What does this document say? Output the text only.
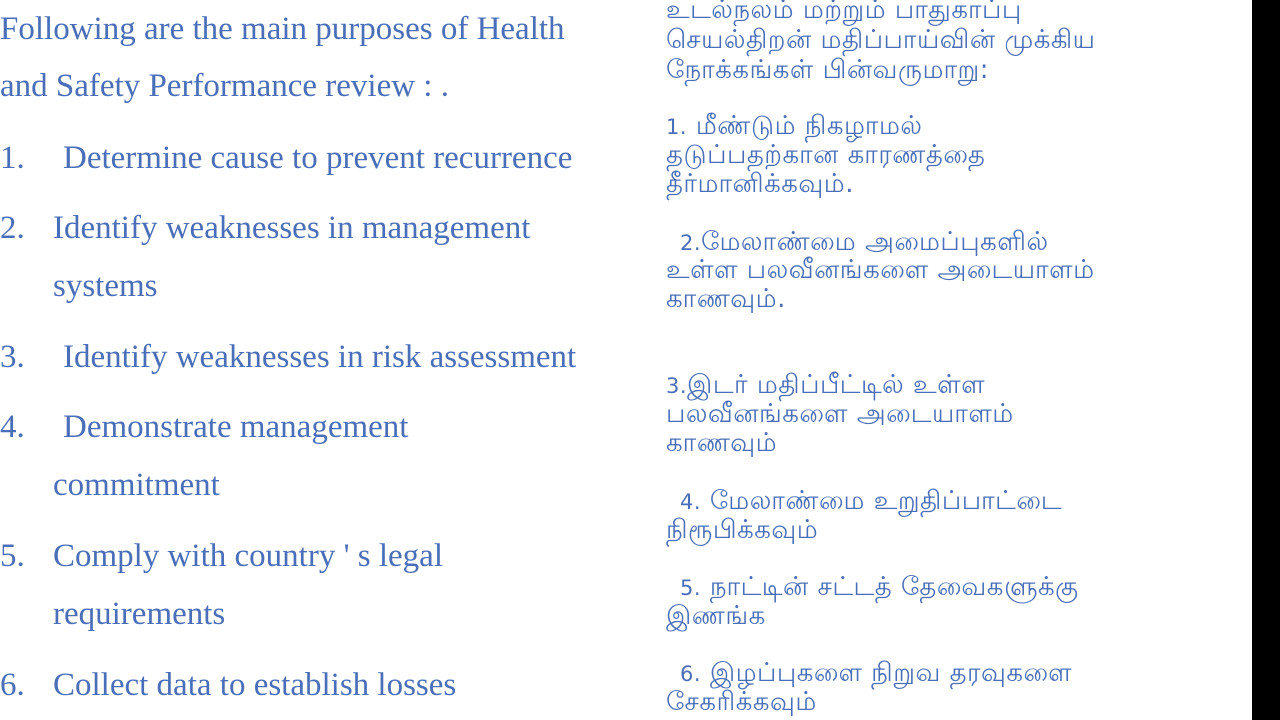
Following are the main purposes of Health
and Safety Performance review : .
1. Determine cause to prevent recurrence
2. Identify weaknesses in management
systems
3. Identify weaknesses in risk assessment
4. Demonstrate management
commitment
5. Comply with country ' s legal
requirements
6. Collect data to establish losses
உடல்நலம் மற்றும் பாதுகாப்பு
செயல்திறன் மதிப்பாய்வின் முக்கிய
நோக்கங்கள் பின்வருமாறு:
1. மீண்டும் நிகழாமல்
தடுப்பதற்கான காரணத்தை
தீர்மானிக்கவும்.
2.மேலாண்மை அமைப்புகளில்
உள்ள பலவீனங்களை அடையாளம்
காணவும்.
3.இடர் மதிப்பீட்டில் உள்ள
பலவீனங்களை அடையாளம்
காணவும்
4. மேலாண்மை உறுதிப்பாட்டை
நிரூபிக்கவும்
5. நாட்டின் சட்டத் தேவைகளுக்கு
இணங்க
6. இழப்புகளை நிறுவ தரவுகளை
சேகரிக்கவும்
